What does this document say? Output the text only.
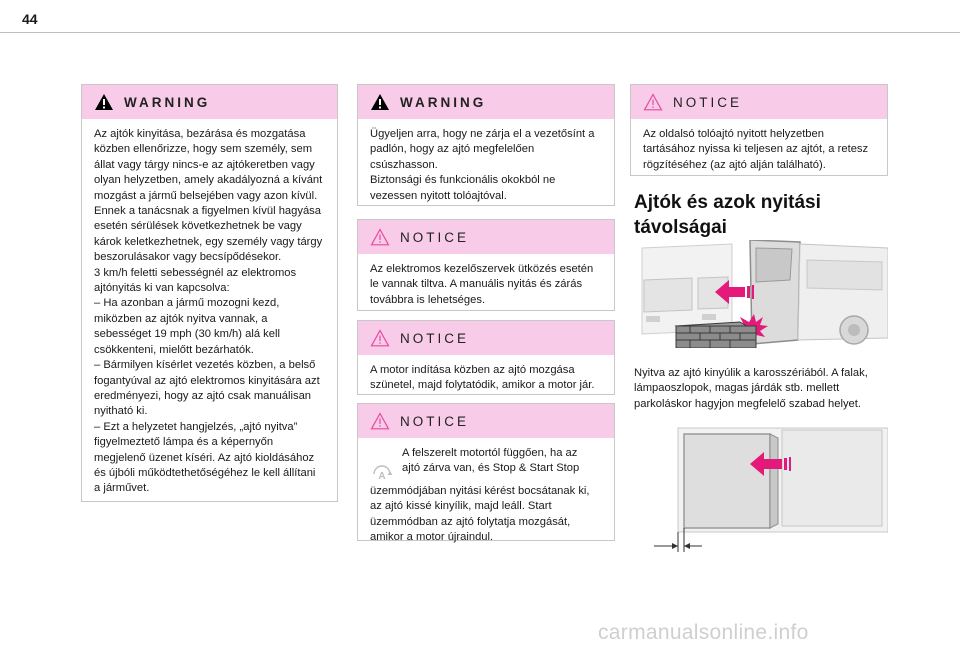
44
WARNING

Az ajtók kinyitása, bezárása és mozgatása

közben ellenőrizze, hogy sem személy, sem

állat vagy tárgy nincs-e az ajtókeretben vagy

olyan helyzetben, amely akadályozná a kívánt

mozgást a jármű belsejében vagy azon kívül.

Ennek a tanácsnak a figyelmen kívül hagyása

esetén sérülések következhetnek be vagy

károk keletkezhetnek, egy személy vagy tárgy

beszorulásakor vagy becsípődésekor.

3 km/h feletti sebességnél az elektromos

ajtónyitás ki van kapcsolva:

– Ha azonban a jármű mozogni kezd,

miközben az ajtók nyitva vannak, a

sebességet 19 mph (30 km/h) alá kell

csökkenteni, mielőtt bezárhatók.

– Bármilyen kísérlet vezetés közben, a belső

fogantyúval az ajtó elektromos kinyitására azt

eredményezi, hogy az ajtó csak manuálisan

nyitható ki.

– Ezt a helyzetet hangjelzés, „ajtó nyitva”

figyelmeztető lámpa és a képernyőn

megjelenő üzenet kíséri. Az ajtó kioldásához

és újbóli működtethetőségéhez le kell állítani

a járművet.

WARNING

Ügyeljen arra, hogy ne zárja el a vezetősínt a

padlón, hogy az ajtó megfelelően

csúszhasson.

Biztonsági és funkcionális okokból ne

vezessen nyitott tolóajtóval.

NOTICE

Az elektromos kezelőszervek ütközés esetén

le vannak tiltva. A manuális nyitás és zárás

továbbra is lehetséges.

NOTICE

A motor indítása közben az ajtó mozgása

szünetel, majd folytatódik, amikor a motor jár.

NOTICE
A

A felszerelt motortól függően, ha az

ajtó zárva van, és Stop & Start Stop

üzemmódjában nyitási kérést bocsátanak ki,

az ajtó kissé kinyílik, majd leáll. Start

üzemmódban az ajtó folytatja mozgását,

amikor a motor újraindul.

NOTICE

Az oldalsó tolóajtó nyitott helyzetben

tartásához nyissa ki teljesen az ajtót, a retesz

rögzítéséhez (az ajtó alján található).

Ajtók és azok nyitási
távolságai
Nyitva az ajtó kinyúlik a karosszériából. A falak,
lámpaoszlopok, magas járdák stb. mellett
parkoláskor hagyjon megfelelő szabad helyet.
carmanualsonline.info
